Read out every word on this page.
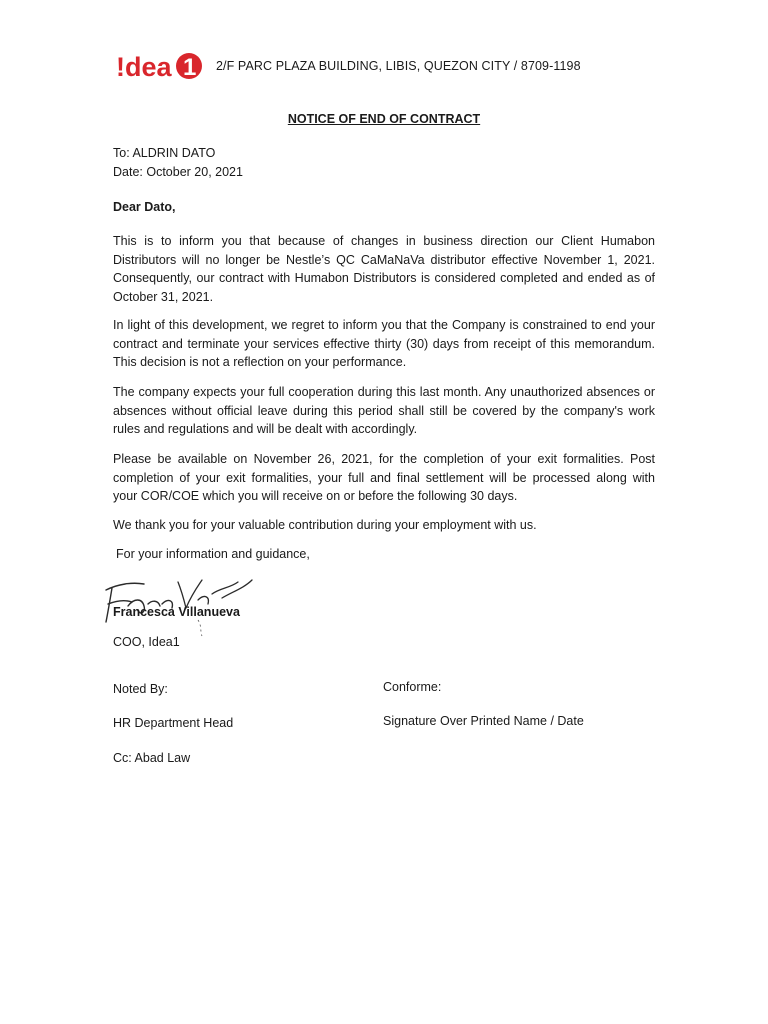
!dea 1 2/F PARC PLAZA BUILDING, LIBIS, QUEZON CITY / 8709-1198
NOTICE OF END OF CONTRACT
To: ALDRIN DATO
Date: October 20, 2021
Dear Dato,

This is to inform you that because of changes in business direction our Client Humabon
Distributors will no longer be Nestle’s QC CaMaNaVa distributor effective November 1, 2021.
Consequently, our contract with Humabon Distributors is considered completed and ended as of
October 31, 2021.

In light of this development, we regret to inform you that the Company is constrained to end your
contract and terminate your services effective thirty (30) days from receipt of this memorandum.
This decision is not a reflection on your performance.

The company expects your full cooperation during this last month. Any unauthorized absences or
absences without official leave during this period shall still be covered by the company's work
rules and regulations and will be dealt with accordingly.

Please be available on November 26, 2021, for the completion of your exit formalities. Post
completion of your exit formalities, your full and final settlement will be processed along with
your COR/COE which you will receive on or before the following 30 days.

We thank you for your valuable contribution during your employment with us.
For your information and guidance,
Francesca Villanueva
COO, Idea1
Noted By:	Conforme:
HR Department Head	Signature Over Printed Name / Date
Cc: Abad Law
